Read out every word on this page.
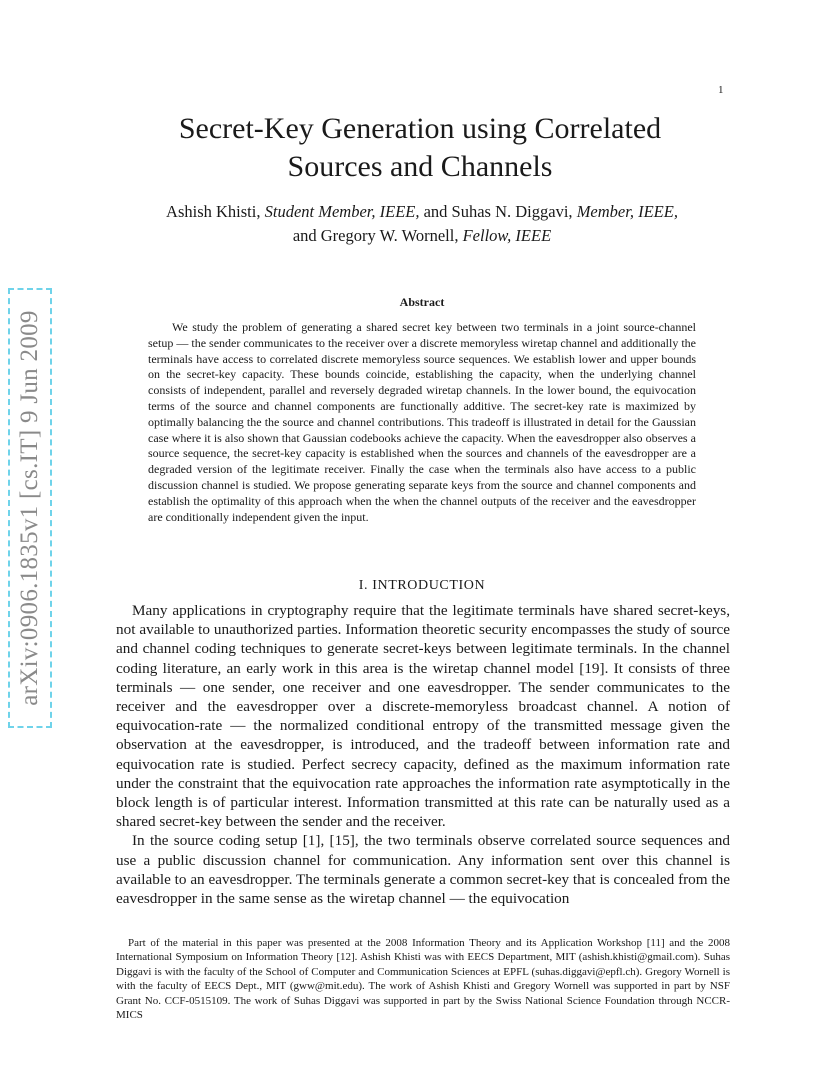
1
arXiv:0906.1835v1 [cs.IT] 9 Jun 2009
Secret-Key Generation using Correlated
Sources and Channels
Ashish Khisti, Student Member, IEEE, and Suhas N. Diggavi, Member, IEEE,
and Gregory W. Wornell, Fellow, IEEE
Abstract

We study the problem of generating a shared secret key between two terminals in a joint source-channel setup — the sender communicates to the receiver over a discrete memoryless wiretap channel and additionally the terminals have access to correlated discrete memoryless source sequences. We establish lower and upper bounds on the secret-key capacity. These bounds coincide, establishing the capacity, when the underlying channel consists of independent, parallel and reversely degraded wiretap channels. In the lower bound, the equivocation terms of the source and channel components are functionally additive. The secret-key rate is maximized by optimally balancing the the source and channel contributions. This tradeoff is illustrated in detail for the Gaussian case where it is also shown that Gaussian codebooks achieve the capacity. When the eavesdropper also observes a source sequence, the secret-key capacity is established when the sources and channels of the eavesdropper are a degraded version of the legitimate receiver. Finally the case when the terminals also have access to a public discussion channel is studied. We propose generating separate keys from the source and channel components and establish the optimality of this approach when the when the channel outputs of the receiver and the eavesdropper are conditionally independent given the input.

I. INTRODUCTION

Many applications in cryptography require that the legitimate terminals have shared secret-keys, not available to unauthorized parties. Information theoretic security encompasses the study of source and channel coding techniques to generate secret-keys between legitimate terminals. In the channel coding literature, an early work in this area is the wiretap channel model [19]. It consists of three terminals — one sender, one receiver and one eavesdropper. The sender communicates to the receiver and the eavesdropper over a discrete-memoryless broadcast channel. A notion of equivocation-rate — the normalized conditional entropy of the transmitted message given the observation at the eavesdropper, is introduced, and the tradeoff between information rate and equivocation rate is studied. Perfect secrecy capacity, defined as the maximum information rate under the constraint that the equivocation rate approaches the information rate asymptotically in the block length is of particular interest. Information transmitted at this rate can be naturally used as a shared secret-key between the sender and the receiver.

In the source coding setup [1], [15], the two terminals observe correlated source sequences and use a public discussion channel for communication. Any information sent over this channel is available to an eavesdropper. The terminals generate a common secret-key that is concealed from the eavesdropper in the same sense as the wiretap channel — the equivocation

Part of the material in this paper was presented at the 2008 Information Theory and its Application Workshop [11] and the 2008 International Symposium on Information Theory [12]. Ashish Khisti was with EECS Department, MIT (ashish.khisti@gmail.com). Suhas Diggavi is with the faculty of the School of Computer and Communication Sciences at EPFL (suhas.diggavi@epfl.ch). Gregory Wornell is with the faculty of EECS Dept., MIT (gww@mit.edu). The work of Ashish Khisti and Gregory Wornell was supported in part by NSF Grant No. CCF-0515109. The work of Suhas Diggavi was supported in part by the Swiss National Science Foundation through NCCR-MICS
